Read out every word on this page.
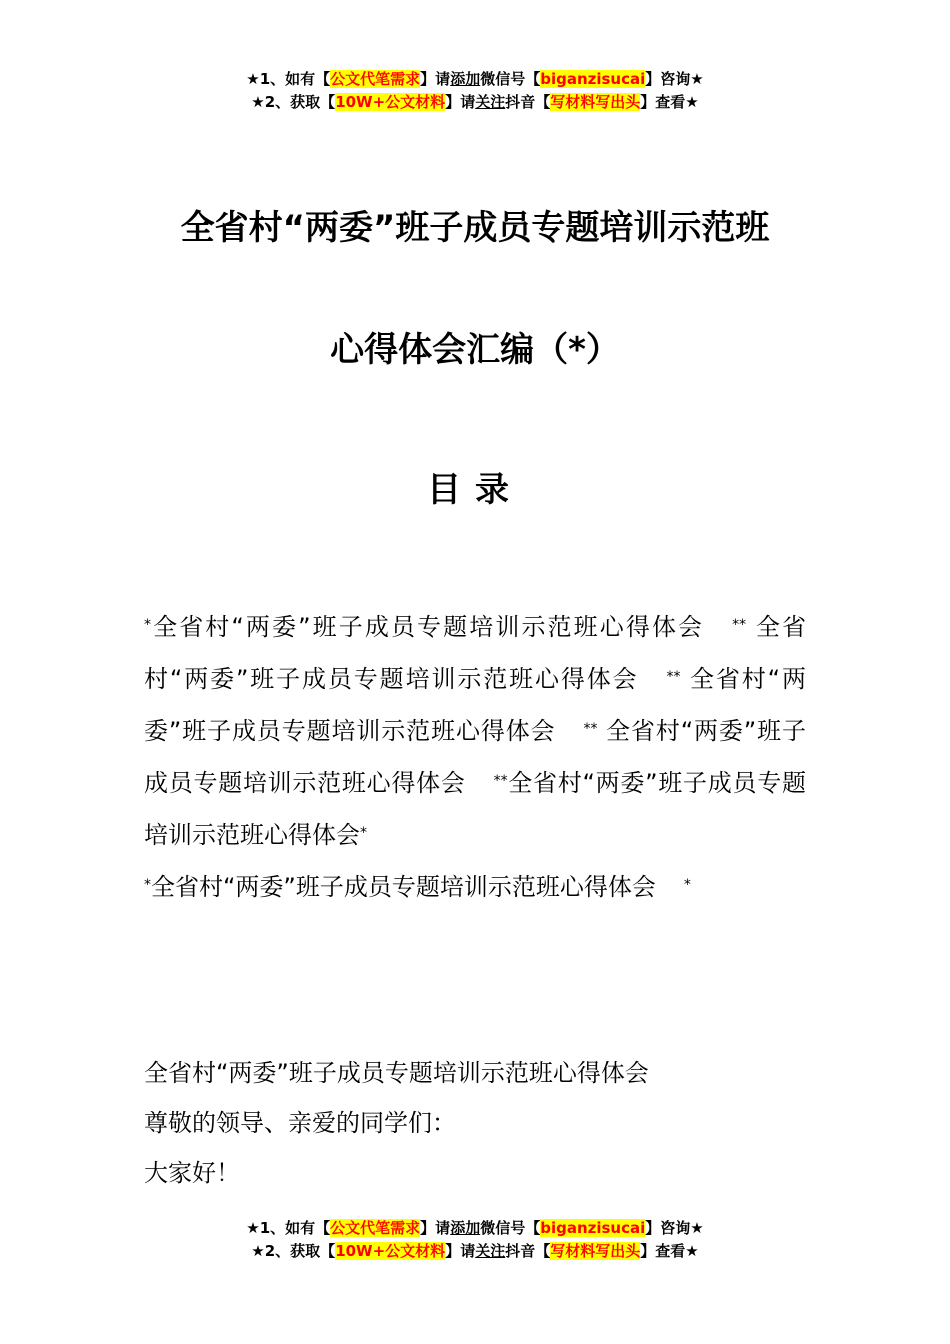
★1、如有【公文代笔需求】请添加微信号【biganzisucai】咨询★
★2、获取【10W+公文材料】请关注抖音【写材料写出头】查看★
全省村“两委”班子成员专题培训示范班
心得体会汇编（*）
目录

*全省村“两委”班子成员专题培训示范班心得体会 ** 全省村“两委”班子成员专题培训示范班心得体会 ** 全省村“两委”班子成员专题培训示范班心得体会 ** 全省村“两委”班子成员专题培训示范班心得体会 **全省村“两委”班子成员专题培训示范班心得体会*

*全省村“两委”班子成员专题培训示范班心得体会 *

全省村“两委”班子成员专题培训示范班心得体会

尊敬的领导、亲爱的同学们：

大家好！

★1、如有【公文代笔需求】请添加微信号【biganzisucai】咨询★
★2、获取【10W+公文材料】请关注抖音【写材料写出头】查看★
